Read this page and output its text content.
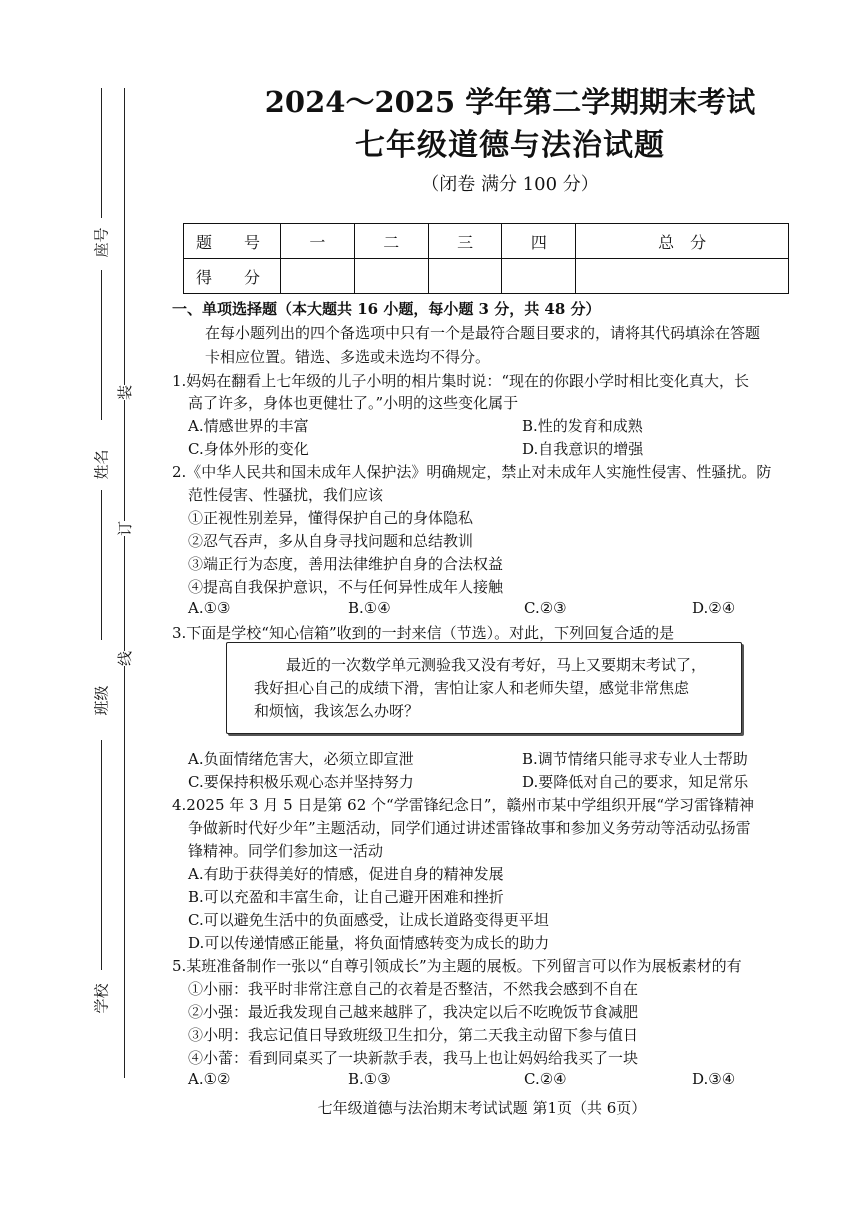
座号
姓名
班级
学校
装
订
线
2024～2025 学年第二学期期末考试
七年级道德与法治试题
（闭卷 满分 100 分）
题　号	一	二	三	四	总　分
得　分					
一、单项选择题（本大题共 16 小题，每小题 3 分，共 48 分）
在每小题列出的四个备选项中只有一个是最符合题目要求的，请将其代码填涂在答题
卡相应位置。错选、多选或未选均不得分。
1.妈妈在翻看上七年级的儿子小明的相片集时说：“现在的你跟小学时相比变化真大，长
高了许多，身体也更健壮了。”小明的这些变化属于
A.情感世界的丰富	B.性的发育和成熟
C.身体外形的变化	D.自我意识的增强
2.《中华人民共和国未成年人保护法》明确规定，禁止对未成年人实施性侵害、性骚扰。防
范性侵害、性骚扰，我们应该
①正视性别差异，懂得保护自己的身体隐私
②忍气吞声，多从自身寻找问题和总结教训
③端正行为态度，善用法律维护自身的合法权益
④提高自我保护意识，不与任何异性成年人接触
A.①③	B.①④	C.②③	D.②④
3.下面是学校“知心信箱”收到的一封来信（节选）。对此，下列回复合适的是
最近的一次数学单元测验我又没有考好，马上又要期末考试了，
我好担心自己的成绩下滑，害怕让家人和老师失望，感觉非常焦虑
和烦恼，我该怎么办呀？
A.负面情绪危害大，必须立即宣泄	B.调节情绪只能寻求专业人士帮助
C.要保持积极乐观心态并坚持努力	D.要降低对自己的要求，知足常乐
4.2025 年 3 月 5 日是第 62 个“学雷锋纪念日”，赣州市某中学组织开展“学习雷锋精神
争做新时代好少年”主题活动，同学们通过讲述雷锋故事和参加义务劳动等活动弘扬雷
锋精神。同学们参加这一活动
A.有助于获得美好的情感，促进自身的精神发展
B.可以充盈和丰富生命，让自己避开困难和挫折
C.可以避免生活中的负面感受，让成长道路变得更平坦
D.可以传递情感正能量，将负面情感转变为成长的助力
5.某班准备制作一张以“自尊引领成长”为主题的展板。下列留言可以作为展板素材的有
①小丽：我平时非常注意自己的衣着是否整洁，不然我会感到不自在
②小强：最近我发现自己越来越胖了，我决定以后不吃晚饭节食减肥
③小明：我忘记值日导致班级卫生扣分，第二天我主动留下参与值日
④小蕾：看到同桌买了一块新款手表，我马上也让妈妈给我买了一块
A.①②	B.①③	C.②④	D.③④
七年级道德与法治期末考试试题 第1页（共 6页）
